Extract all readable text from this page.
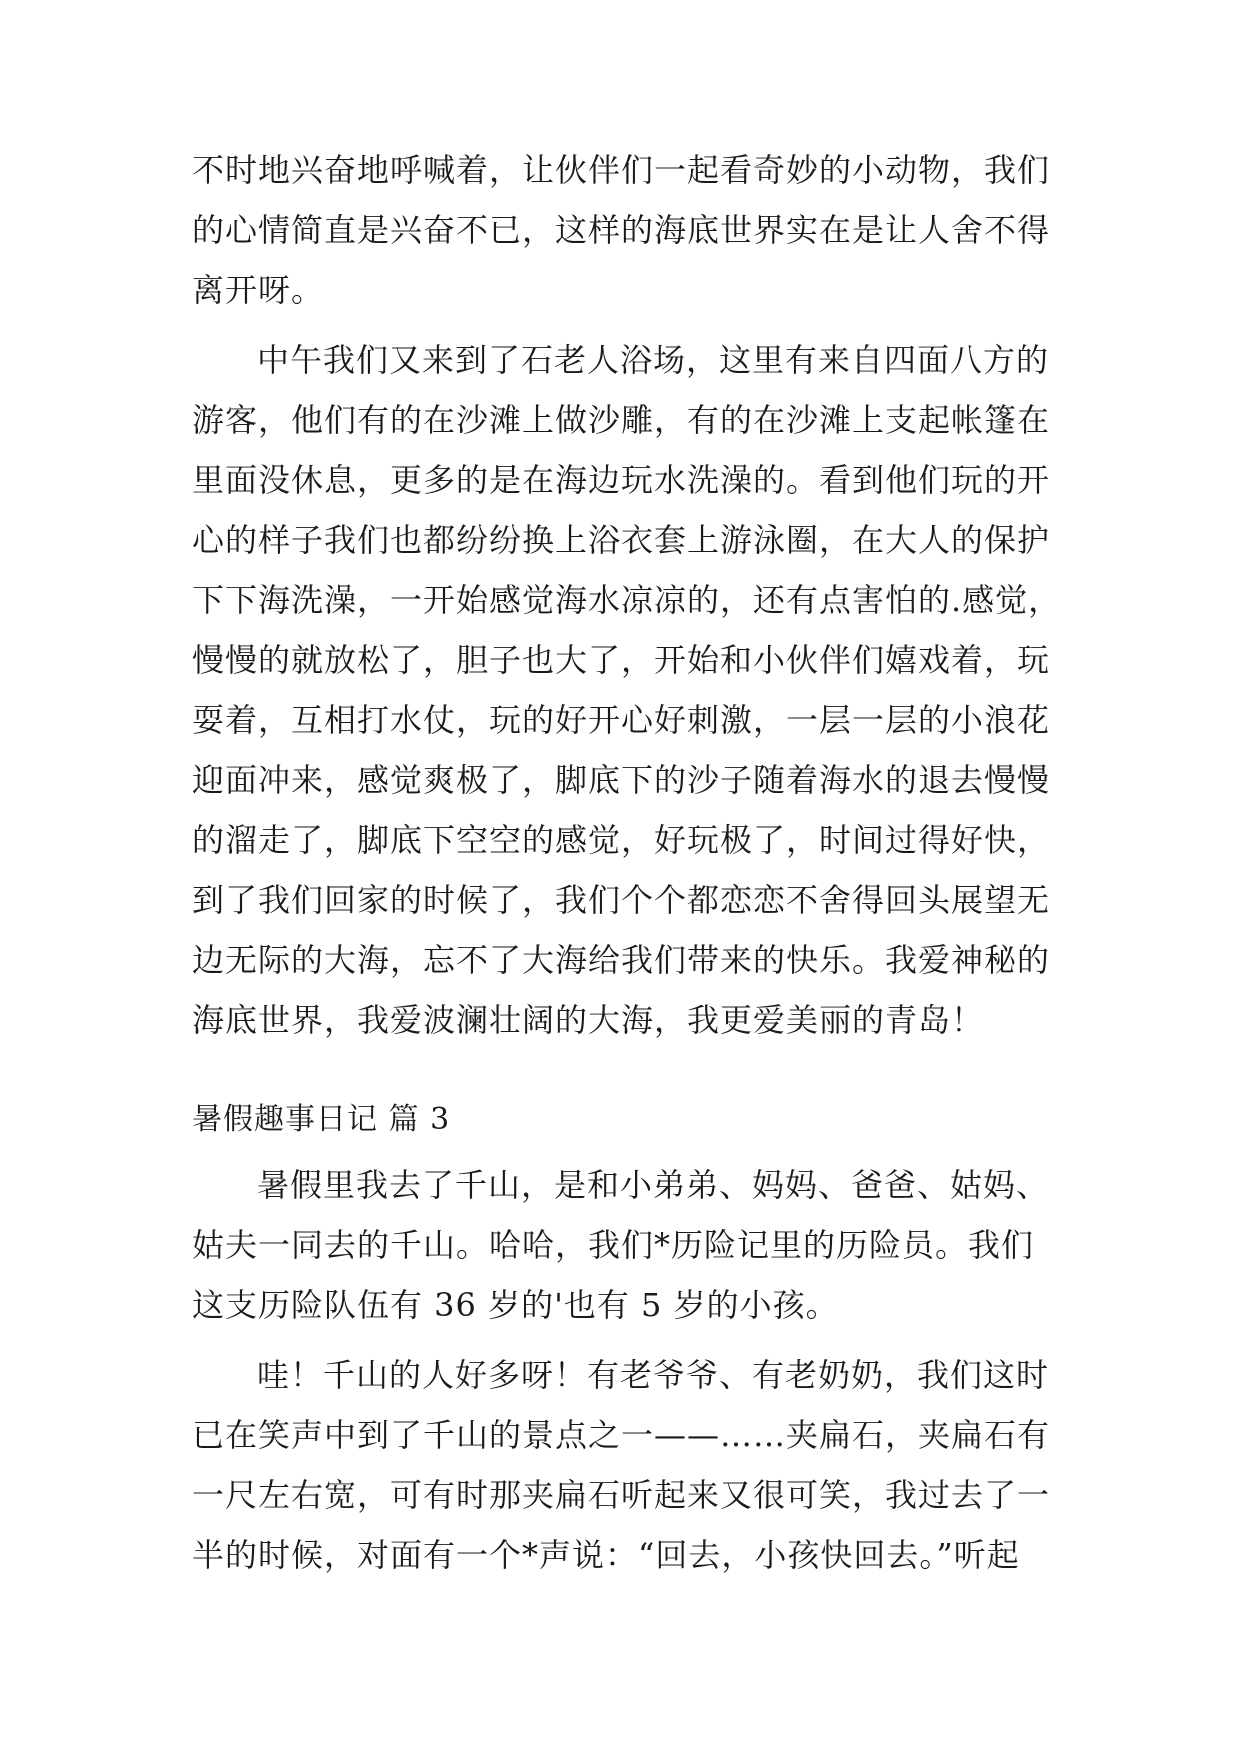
不时地兴奋地呼喊着，让伙伴们一起看奇妙的小动物，我们
的心情简直是兴奋不已，这样的海底世界实在是让人舍不得
离开呀。
中午我们又来到了石老人浴场，这里有来自四面八方的
游客，他们有的在沙滩上做沙雕，有的在沙滩上支起帐篷在
里面没休息，更多的是在海边玩水洗澡的。看到他们玩的开
心的样子我们也都纷纷换上浴衣套上游泳圈，在大人的保护
下下海洗澡，一开始感觉海水凉凉的，还有点害怕的.感觉，
慢慢的就放松了，胆子也大了，开始和小伙伴们嬉戏着，玩
耍着，互相打水仗，玩的好开心好刺激，一层一层的小浪花
迎面冲来，感觉爽极了，脚底下的沙子随着海水的退去慢慢
的溜走了，脚底下空空的感觉，好玩极了，时间过得好快，
到了我们回家的时候了，我们个个都恋恋不舍得回头展望无
边无际的大海，忘不了大海给我们带来的快乐。我爱神秘的
海底世界，我爱波澜壮阔的大海，我更爱美丽的青岛！
暑假趣事日记 篇 3
暑假里我去了千山，是和小弟弟、妈妈、爸爸、姑妈、
姑夫一同去的千山。哈哈，我们*历险记里的历险员。我们
这支历险队伍有 36 岁的'也有 5 岁的小孩。
哇！千山的人好多呀！有老爷爷、有老奶奶，我们这时
已在笑声中到了千山的景点之一——……夹扁石，夹扁石有
一尺左右宽，可有时那夹扁石听起来又很可笑，我过去了一
半的时候，对面有一个*声说：“回去，小孩快回去。”听起
